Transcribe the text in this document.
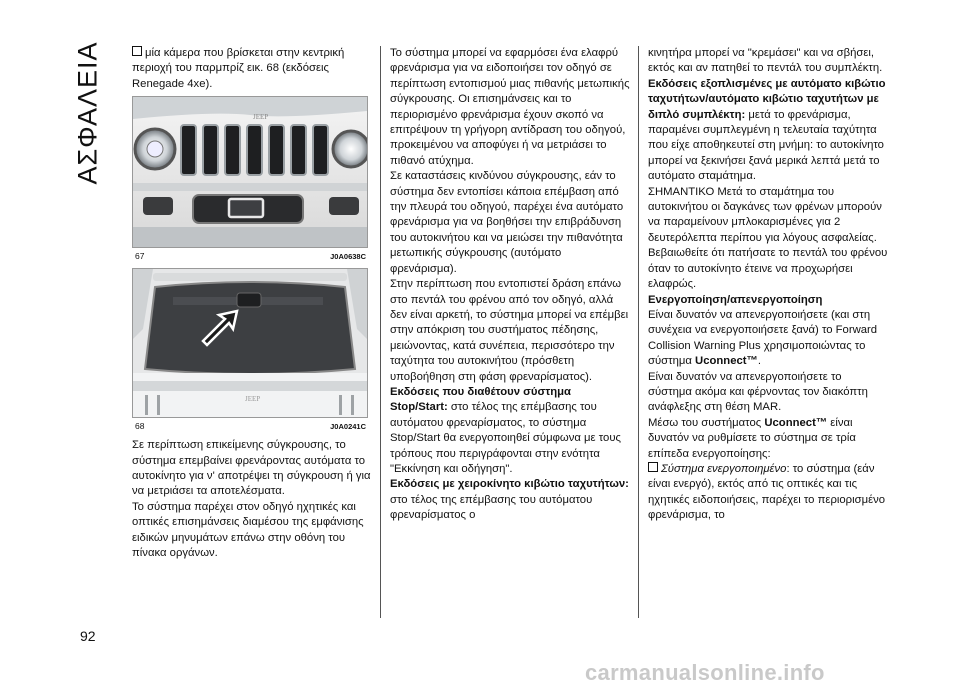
ΑΣΦΑΛΕΙΑ
92

μία κάμερα που βρίσκεται στην κεντρική περιοχή του παρμπρίζ εικ. 68 (εκδόσεις Renegade 4xe).

JEEP
67	J0A0638C
JEEP
68	J0A0241C

Σε περίπτωση επικείμενης σύγκρουσης, το σύστημα επεμβαίνει φρενάροντας αυτόματα το αυτοκίνητο για ν' αποτρέψει τη σύγκρουση ή για να μετριάσει τα αποτελέσματα.

Το σύστημα παρέχει στον οδηγό ηχητικές και οπτικές επισημάνσεις διαμέσου της εμφάνισης ειδικών μηνυμάτων επάνω στην οθόνη του πίνακα οργάνων.

Το σύστημα μπορεί να εφαρμόσει ένα ελαφρύ φρενάρισμα για να ειδοποιήσει τον οδηγό σε περίπτωση εντοπισμού μιας πιθανής μετωπικής σύγκρουσης. Οι επισημάνσεις και το περιορισμένο φρενάρισμα έχουν σκοπό να επιτρέψουν τη γρήγορη αντίδραση του οδηγού, προκειμένου να αποφύγει ή να μετριάσει το πιθανό ατύχημα.

Σε καταστάσεις κινδύνου σύγκρουσης, εάν το σύστημα δεν εντοπίσει κάποια επέμβαση από την πλευρά του οδηγού, παρέχει ένα αυτόματο φρενάρισμα για να βοηθήσει την επιβράδυνση του αυτοκινήτου και να μειώσει την πιθανότητα μετωπικής σύγκρουσης (αυτόματο φρενάρισμα).

Στην περίπτωση που εντοπιστεί δράση επάνω στο πεντάλ του φρένου από τον οδηγό, αλλά δεν είναι αρκετή, το σύστημα μπορεί να επέμβει στην απόκριση του συστήματος πέδησης, μειώνοντας, κατά συνέπεια, περισσότερο την ταχύτητα του αυτοκινήτου (πρόσθετη υποβοήθηση στη φάση φρεναρίσματος).

Εκδόσεις που διαθέτουν σύστημα Stop/Start: στο τέλος της επέμβασης του αυτόματου φρεναρίσματος, το σύστημα Stop/Start θα ενεργοποιηθεί σύμφωνα με τους τρόπους που περιγράφονται στην ενότητα "Εκκίνηση και οδήγηση".

Εκδόσεις με χειροκίνητο κιβώτιο ταχυτήτων: στο τέλος της επέμβασης του αυτόματου φρεναρίσματος ο

κινητήρα μπορεί να "κρεμάσει" και να σβήσει, εκτός και αν πατηθεί το πεντάλ του συμπλέκτη.

Εκδόσεις εξοπλισμένες με αυτόματο κιβώτιο ταχυτήτων/αυτόματο κιβώτιο ταχυτήτων με διπλό συμπλέκτη: μετά το φρενάρισμα, παραμένει συμπλεγμένη η τελευταία ταχύτητα που είχε αποθηκευτεί στη μνήμη: το αυτοκίνητο μπορεί να ξεκινήσει ξανά μερικά λεπτά μετά το αυτόματο σταμάτημα.

ΣΗΜΑΝΤΙΚΟ Μετά το σταμάτημα του αυτοκινήτου οι δαγκάνες των φρένων μπορούν να παραμείνουν μπλοκαρισμένες για 2 δευτερόλεπτα περίπου για λόγους ασφαλείας. Βεβαιωθείτε ότι πατήσατε το πεντάλ του φρένου όταν το αυτοκίνητο έτεινε να προχωρήσει ελαφρώς.

Ενεργοποίηση/απενεργοποίηση

Είναι δυνατόν να απενεργοποιήσετε (και στη συνέχεια να ενεργοποιήσετε ξανά) το Forward Collision Warning Plus χρησιμοποιώντας το σύστημα Uconnect™.

Είναι δυνατόν να απενεργοποιήσετε το σύστημα ακόμα και φέρνοντας τον διακόπτη ανάφλεξης στη θέση MAR.

Μέσω του συστήματος Uconnect™ είναι δυνατόν να ρυθμίσετε το σύστημα σε τρία επίπεδα ενεργοποίησης:

Σύστημα ενεργοποιημένο: το σύστημα (εάν είναι ενεργό), εκτός από τις οπτικές και τις ηχητικές ειδοποιήσεις, παρέχει το περιορισμένο φρενάρισμα, το

carmanualsonline.info
